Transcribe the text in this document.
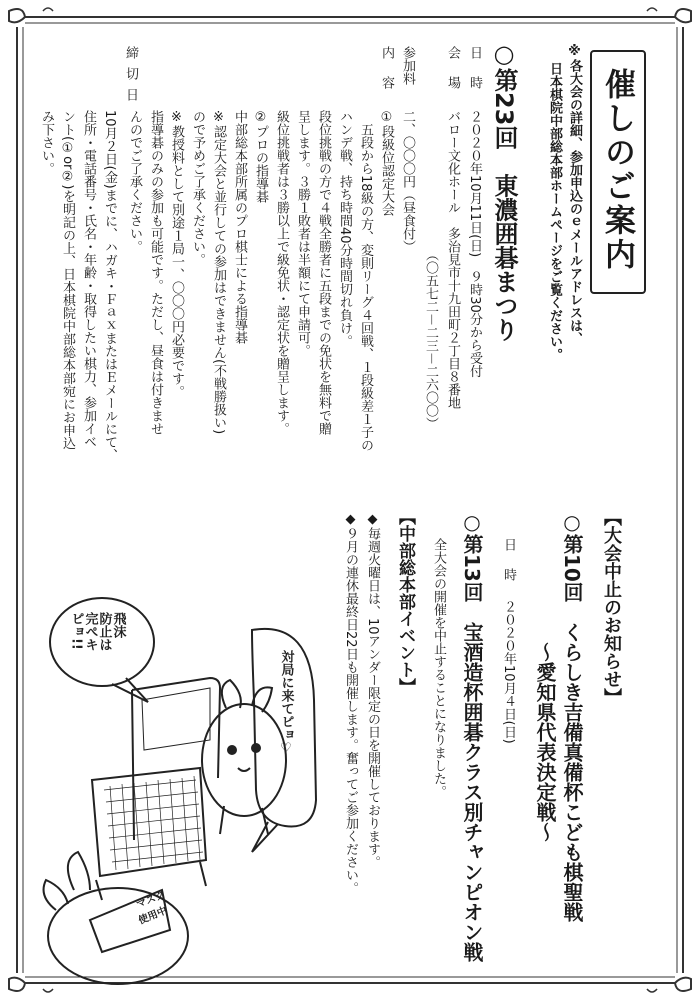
催しのご案内
※各大会の詳細、参加申込のｅメールアドレスは、
日本棋院中部総本部ホームページをご覧ください。
○第23回　東濃囲碁まつり
日　時
２０２０年10月11日(日)　９時30分から受付
会　場
バロー文化ホール　多治見市十九田町２丁目８番地
（〇五七二－二三－二六〇〇）
参加料
二、〇〇〇円（昼食付）
内　容
①段級位認定大会
　五段から18級の方、変則リーグ４回戦、１段級差１子の
ハンデ戦、持ち時間40分時間切れ負け。
段位挑戦の方で４戦全勝者に五段までの免状を無料で贈
呈します。３勝１敗者は半額にて申請可。
級位挑戦者は３勝以上で級免状・認定状を贈呈します。
②プロの指導碁
中部総本部所属のプロ棋士による指導碁
※認定大会と並行しての参加はできません(不戦勝扱い)
ので予めご了承ください。
※教授料として別途１局一、〇〇〇円必要です。
指導碁のみの参加も可能です。ただし、昼食は付きませ
んのでご了承ください。
締切日
10月２日(金)までに、ハガキ・ＦａｘまたはＥメールにて、
住所・電話番号・氏名・年齢・取得したい棋力、参加イベ
ント(①or②)を明記の上、日本棋院中部総本部宛にお申込
み下さい。
【大会中止のお知らせ】
○第10回　くらしき吉備真備杯こども棋聖戦
～愛知県代表決定戦～
日　時
２０２０年10月４日(日)
○第13回　宝酒造杯囲碁クラス別チャンピオン戦
全大会の開催を中止することになりました。
【中部総本部イベント】
◆毎週火曜日は、10アンダー限定の日を開催しております。
◆９月の連休最終日22日も開催します。奮ってご参加ください。
飛沫
防止は
完ぺキ
ピョ!!
対局に来てピョ♡
マスク
使用中
